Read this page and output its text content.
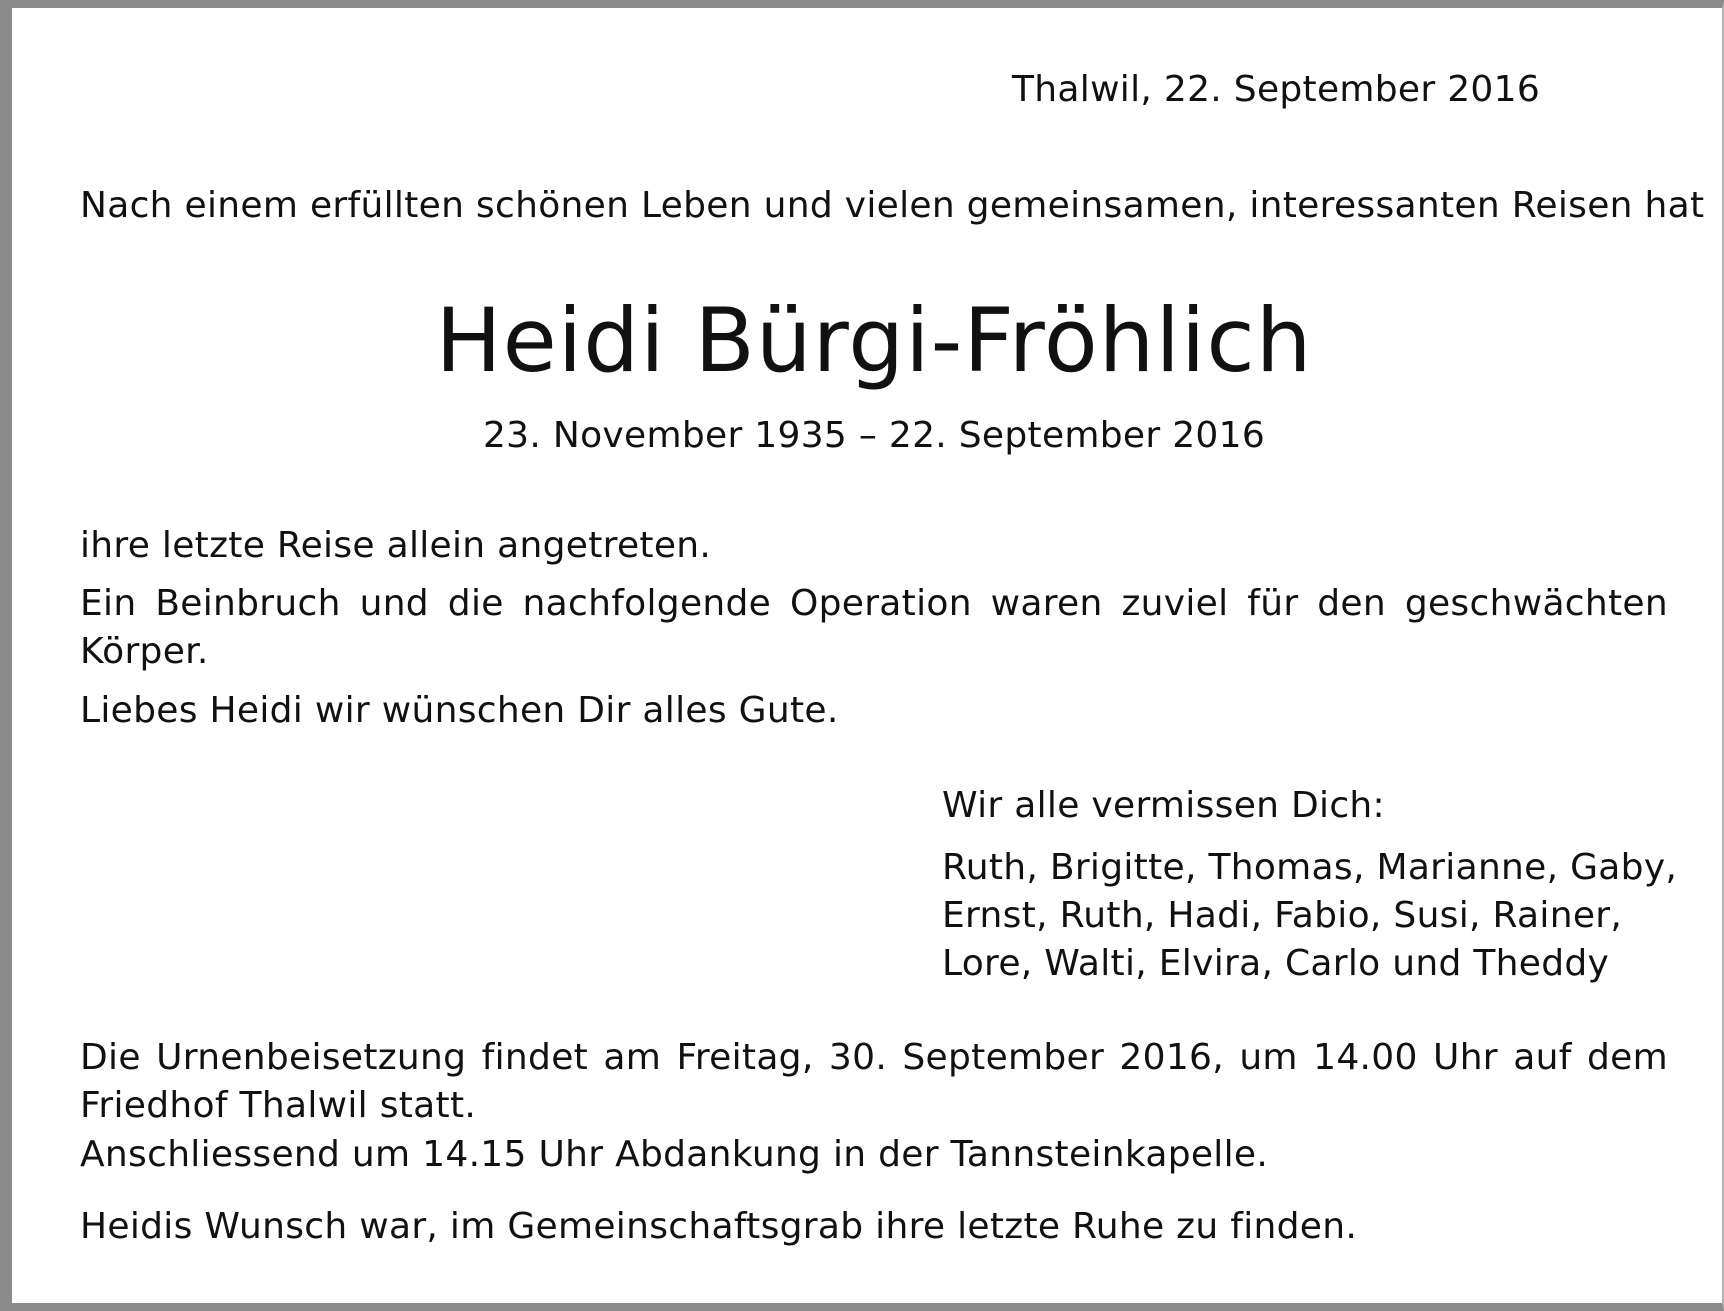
Thalwil, 22. September 2016

Nach einem erfüllten schönen Leben und vielen gemeinsamen, interessanten Reisen hat

Heidi Bürgi-Fröhlich

23. November 1935 – 22. September 2016

ihre letzte Reise allein angetreten.

Ein Beinbruch und die nachfolgende Operation waren zuviel für den geschwächten Körper.

Liebes Heidi wir wünschen Dir alles Gute.

Wir alle vermissen Dich:

Ruth, Brigitte, Thomas, Marianne, Gaby,
Ernst, Ruth, Hadi, Fabio, Susi, Rainer,
Lore, Walti, Elvira, Carlo und Theddy

Die Urnenbeisetzung findet am Freitag, 30. September 2016, um 14.00 Uhr auf dem Friedhof Thalwil statt.

Anschliessend um 14.15 Uhr Abdankung in der Tannsteinkapelle.

Heidis Wunsch war, im Gemeinschaftsgrab ihre letzte Ruhe zu finden.
